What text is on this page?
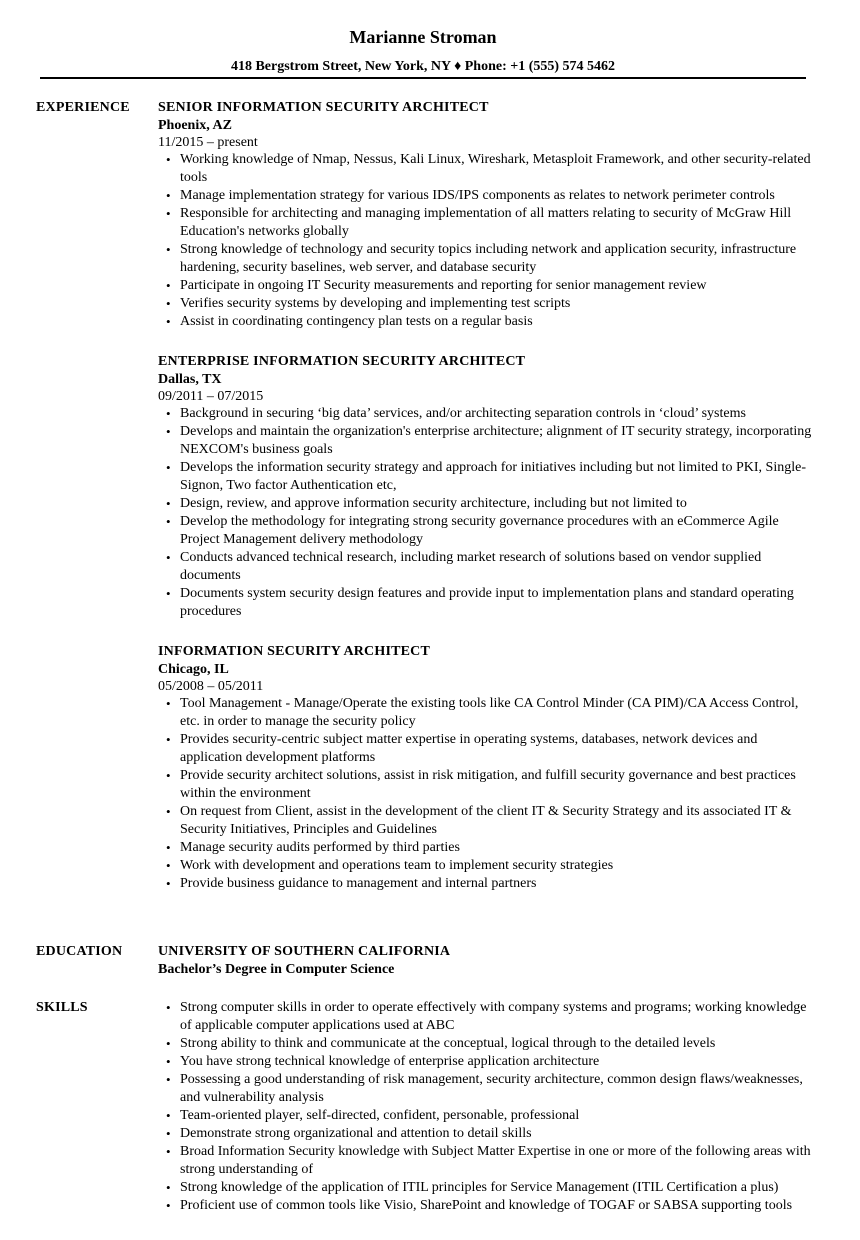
Marianne Stroman
418 Bergstrom Street, New York, NY ♦ Phone: +1 (555) 574 5462
EXPERIENCE SENIOR INFORMATION SECURITY ARCHITECT
Phoenix, AZ
11/2015 – present
• Working knowledge of Nmap, Nessus, Kali Linux, Wireshark, Metasploit Framework, and other security-related tools
• Manage implementation strategy for various IDS/IPS components as relates to network perimeter controls
• Responsible for architecting and managing implementation of all matters relating to security of McGraw Hill Education's networks globally
• Strong knowledge of technology and security topics including network and application security, infrastructure hardening, security baselines, web server, and database security
• Participate in ongoing IT Security measurements and reporting for senior management review
• Verifies security systems by developing and implementing test scripts
• Assist in coordinating contingency plan tests on a regular basis
ENTERPRISE INFORMATION SECURITY ARCHITECT
Dallas, TX
09/2011 – 07/2015
• Background in securing ‘big data’ services, and/or architecting separation controls in ‘cloud’ systems
• Develops and maintain the organization's enterprise architecture; alignment of IT security strategy, incorporating NEXCOM's business goals
• Develops the information security strategy and approach for initiatives including but not limited to PKI, Single-Signon, Two factor Authentication etc,
• Design, review, and approve information security architecture, including but not limited to
• Develop the methodology for integrating strong security governance procedures with an eCommerce Agile Project Management delivery methodology
• Conducts advanced technical research, including market research of solutions based on vendor supplied documents
• Documents system security design features and provide input to implementation plans and standard operating procedures
INFORMATION SECURITY ARCHITECT
Chicago, IL
05/2008 – 05/2011
• Tool Management - Manage/Operate the existing tools like CA Control Minder (CA PIM)/CA Access Control, etc. in order to manage the security policy
• Provides security-centric subject matter expertise in operating systems, databases, network devices and application development platforms
• Provide security architect solutions, assist in risk mitigation, and fulfill security governance and best practices within the environment
• On request from Client, assist in the development of the client IT & Security Strategy and its associated IT & Security Initiatives, Principles and Guidelines
• Manage security audits performed by third parties
• Work with development and operations team to implement security strategies
• Provide business guidance to management and internal partners
EDUCATION	UNIVERSITY OF SOUTHERN CALIFORNIA
Bachelor’s Degree in Computer Science
SKILLS
•	Strong computer skills in order to operate effectively with company systems and programs; working knowledge of applicable computer applications used at ABC
• Strong ability to think and communicate at the conceptual, logical through to the detailed levels
• You have strong technical knowledge of enterprise application architecture
• Possessing a good understanding of risk management, security architecture, common design flaws/weaknesses, and vulnerability analysis
• Team-oriented player, self-directed, confident, personable, professional
• Demonstrate strong organizational and attention to detail skills
• Broad Information Security knowledge with Subject Matter Expertise in one or more of the following areas with strong understanding of
• Strong knowledge of the application of ITIL principles for Service Management (ITIL Certification a plus)
• Proficient use of common tools like Visio, SharePoint and knowledge of TOGAF or SABSA supporting tools
